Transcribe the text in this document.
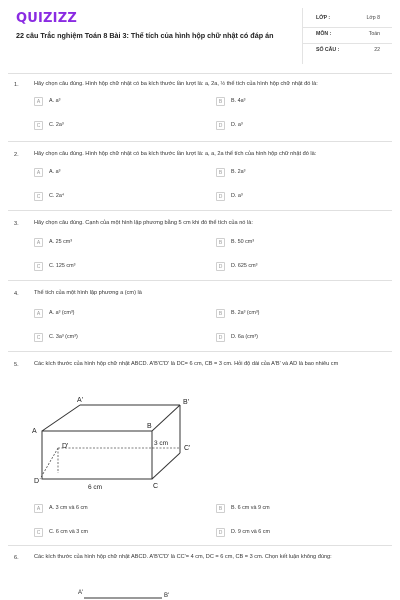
QUIZIZZ
22 câu Trắc nghiệm Toán 8 Bài 3: Thể tích của hình hộp chữ nhật có đáp án
LỚP :	Lớp 8
MÔN :	Toán
SỐ CÂU :	22
1.	Hãy chọn câu đúng. Hình hộp chữ nhật có ba kích thước lần lượt là: a, 2a, ½ thể tích của hình hộp chữ nhật đó là:
A	A. a³	B	B. 4a³
C	C. 2a³	D	D. a³
2.	Hãy chọn câu đúng. Hình hộp chữ nhật có ba kích thước lần lượt là: a, a, 2a thể tích của hình hộp chữ nhật đó là:
A	A. a³	B	B. 2a³
C	C. 2a⁴	D	D. a³
3.	Hãy chọn câu đúng. Cạnh của một hình lập phương bằng 5 cm khi đó thể tích của nó là:
A	A. 25 cm³	B	B. 50 cm³
C	C. 125 cm³	D	D. 625 cm³
4.	Thể tích của một hình lập phương a (cm) là
A	A. a³ (cm³)	B	B. 2a³ (cm³)
C	C. 3a³ (cm³)	D	D. 6a (cm³)
5.	Các kích thước của hình hộp chữ nhật ABCD. A'B'C'D' là DC= 6 cm, CB = 3 cm. Hỏi độ dài của A'B' và AD là bao nhiêu cm
A'	B'
A
B
D'	C'
D
C
3 cm
6 cm
A	A. 3 cm và 6 cm	B	B. 6 cm và 9 cm
C	C. 6 cm và 3 cm	D	D. 9 cm và 6 cm
6.	Các kích thước của hình hộp chữ nhật ABCD. A'B'C'D' là CC'= 4 cm, DC = 6 cm, CB = 3 cm. Chọn kết luận không đúng:
A'	B'
